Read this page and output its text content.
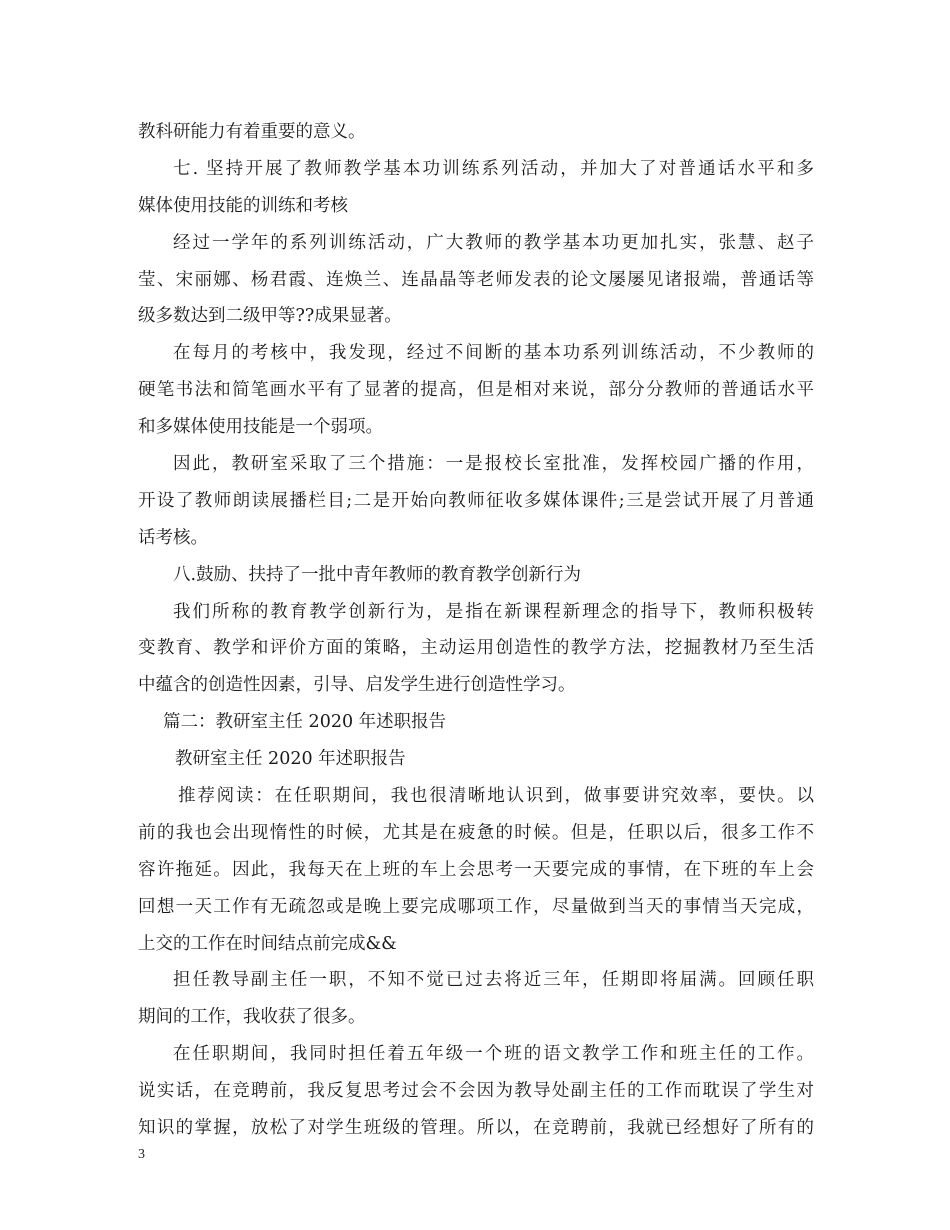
教科研能力有着重要的意义。
七. 坚持开展了教师教学基本功训练系列活动，并加大了对普通话水平和多
媒体使用技能的训练和考核
经过一学年的系列训练活动，广大教师的教学基本功更加扎实，张慧、赵子
莹、宋丽娜、杨君霞、连焕兰、连晶晶等老师发表的论文屡屡见诸报端，普通话等
级多数达到二级甲等??成果显著。
在每月的考核中，我发现，经过不间断的基本功系列训练活动，不少教师的
硬笔书法和简笔画水平有了显著的提高，但是相对来说，部分分教师的普通话水平
和多媒体使用技能是一个弱项。
因此，教研室采取了三个措施：一是报校长室批准，发挥校园广播的作用，
开设了教师朗读展播栏目;二是开始向教师征收多媒体课件;三是尝试开展了月普通
话考核。
八.鼓励、扶持了一批中青年教师的教育教学创新行为
我们所称的教育教学创新行为，是指在新课程新理念的指导下，教师积极转
变教育、教学和评价方面的策略，主动运用创造性的教学方法，挖掘教材乃至生活
中蕴含的创造性因素，引导、启发学生进行创造性学习。
篇二：教研室主任 2020 年述职报告
教研室主任 2020 年述职报告
推荐阅读：在任职期间，我也很清晰地认识到，做事要讲究效率，要快。以
前的我也会出现惰性的时候，尤其是在疲惫的时候。但是，任职以后，很多工作不
容许拖延。因此，我每天在上班的车上会思考一天要完成的事情，在下班的车上会
回想一天工作有无疏忽或是晚上要完成哪项工作，尽量做到当天的事情当天完成，
上交的工作在时间结点前完成&&
担任教导副主任一职，不知不觉已过去将近三年，任期即将届满。回顾任职
期间的工作，我收获了很多。
在任职期间，我同时担任着五年级一个班的语文教学工作和班主任的工作。
说实话，在竞聘前，我反复思考过会不会因为教导处副主任的工作而耽误了学生对
知识的掌握，放松了对学生班级的管理。所以，在竞聘前，我就已经想好了所有的
3
